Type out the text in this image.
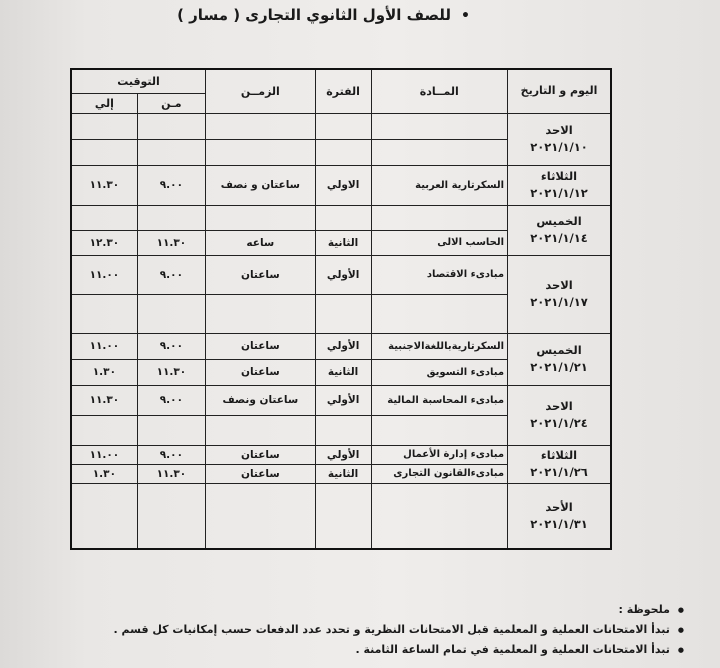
•للصف الأول الثانوي التجارى ( مسار )
اليوم و التاريخ	المــادة	الفترة	الزمــن	التوقيت	
				مـن	إلي

الاحد
٢٠٢١/١/١٠					

الثلاثاء
٢٠٢١/١/١٢	السكرتارية العربية	الاولي	ساعتان و نصف	٩.٠٠	١١.٣٠

الخميس
٢٠٢١/١/١٤					

	الحاسب الالى	الثانية	ساعه	١١.٣٠	١٢.٣٠

الاحد
٢٠٢١/١/١٧	مبادىء الاقتصاد	الأولي	ساعتان	٩.٠٠	١١.٠٠

الخميس
٢٠٢١/١/٢١	السكرتاريةباللغةالاجنبية	الأولي	ساعتان	٩.٠٠	١١.٠٠
	مبادىء التسويق	الثانية	ساعتان	١١.٣٠	١.٣٠

الاحد
٢٠٢١/١/٢٤	مبادىء المحاسبة المالية	الأولي	ساعتان ونصف	٩.٠٠	١١.٣٠

الثلاثاء
٢٠٢١/١/٢٦	مبادىء إدارة الأعمال	الأولي	ساعتان	٩.٠٠	١١.٠٠
	مبادىءالقانون التجارى	الثانية	ساعتان	١١.٣٠	١.٣٠

الأحد
٢٠٢١/١/٣١					

● ملحوظة :
● تبدأ الامتحانات العملية و المعلمية قبل الامتحانات النظرية و تحدد عدد الدفعات حسب إمكانيات كل قسم .
● تبدأ الامتحانات العملية و المعلمية في تمام الساعة الثامنة .
